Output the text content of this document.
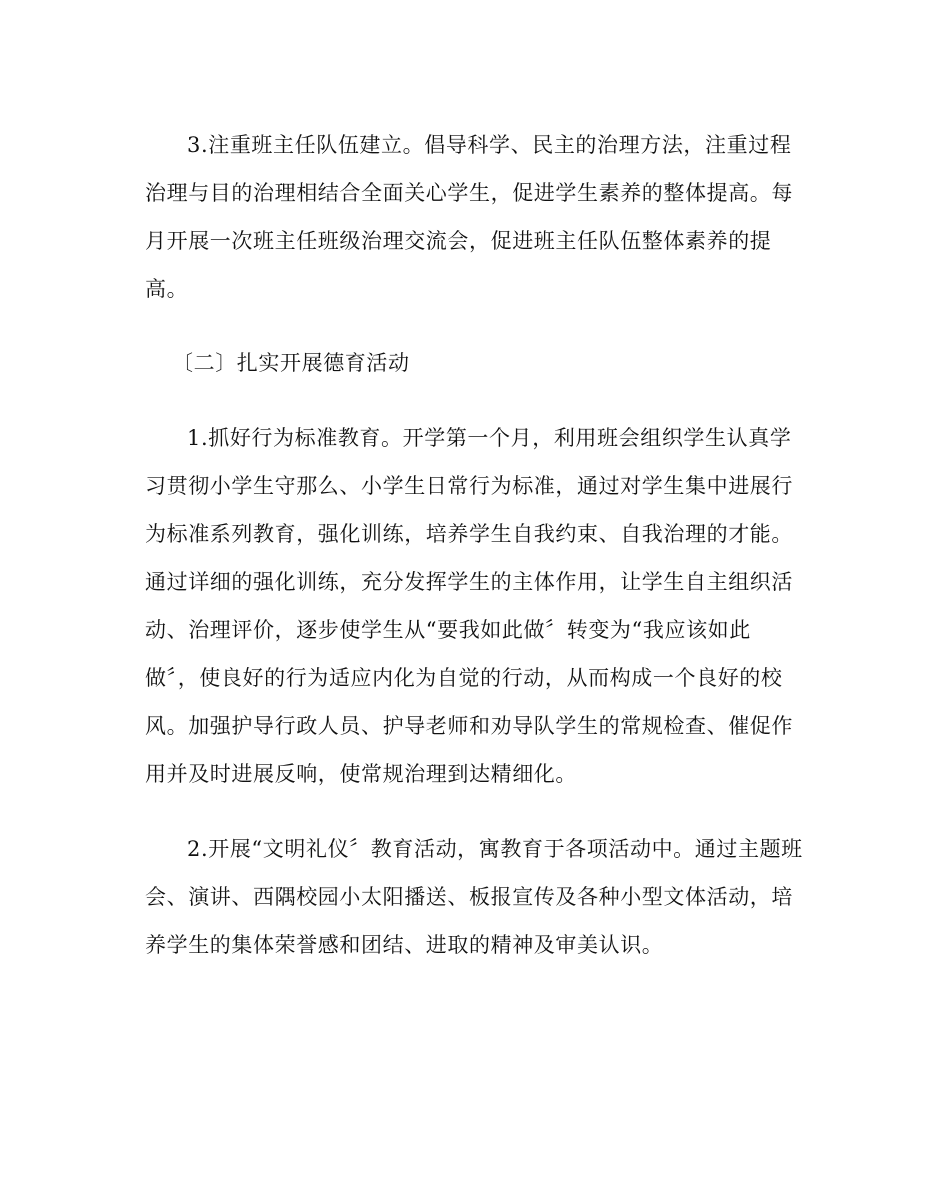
3.注重班主任队伍建立。倡导科学、民主的治理方法，注重过程
治理与目的治理相结合全面关心学生，促进学生素养的整体提高。每
月开展一次班主任班级治理交流会，促进班主任队伍整体素养的提
高。
〔二〕扎实开展德育活动
1.抓好行为标准教育。开学第一个月，利用班会组织学生认真学
习贯彻小学生守那么、小学生日常行为标准，通过对学生集中进展行
为标准系列教育，强化训练，培养学生自我约束、自我治理的才能。
通过详细的强化训练，充分发挥学生的主体作用，让学生自主组织活
动、治理评价，逐步使学生从“要我如此做〞转变为“我应该如此
做〞，使良好的行为适应内化为自觉的行动，从而构成一个良好的校
风。加强护导行政人员、护导老师和劝导队学生的常规检查、催促作
用并及时进展反响，使常规治理到达精细化。
2.开展“文明礼仪〞教育活动，寓教育于各项活动中。通过主题班
会、演讲、西隅校园小太阳播送、板报宣传及各种小型文体活动，培
养学生的集体荣誉感和团结、进取的精神及审美认识。
